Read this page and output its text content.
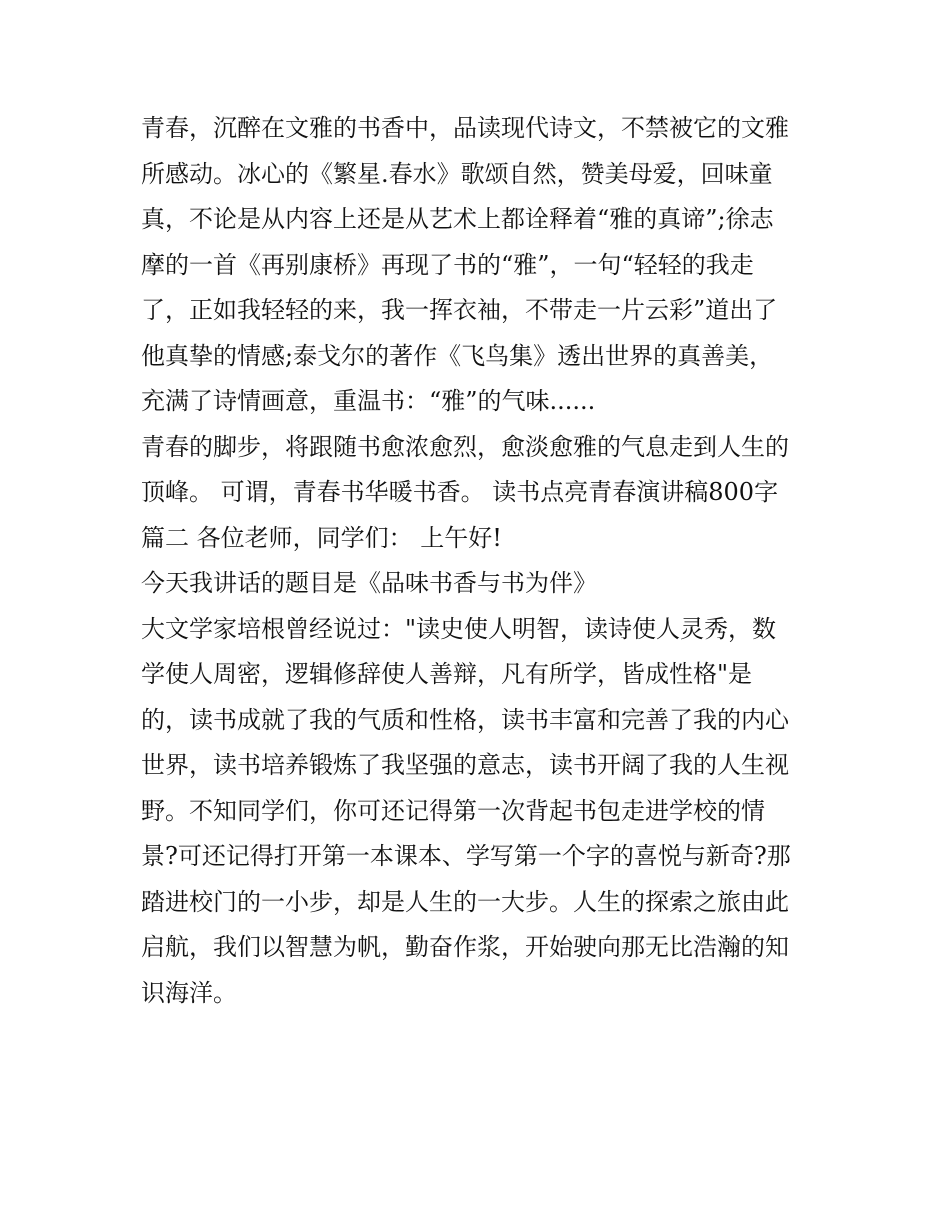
青春，沉醉在文雅的书香中，品读现代诗文，不禁被它的文雅
所感动。冰心的《繁星.春水》歌颂自然，赞美母爱，回味童
真，不论是从内容上还是从艺术上都诠释着“雅的真谛”;徐志
摩的一首《再别康桥》再现了书的“雅”，一句“轻轻的我走
了，正如我轻轻的来，我一挥衣袖，不带走一片云彩”道出了
他真挚的情感;泰戈尔的著作《飞鸟集》透出世界的真善美，
充满了诗情画意，重温书：“雅”的气味......
青春的脚步，将跟随书愈浓愈烈，愈淡愈雅的气息走到人生的
顶峰。 可谓，青春书华暖书香。 读书点亮青春演讲稿800字
篇二 各位老师，同学们： 上午好!
今天我讲话的题目是《品味书香与书为伴》
大文学家培根曾经说过："读史使人明智，读诗使人灵秀，数
学使人周密，逻辑修辞使人善辩，凡有所学，皆成性格"是
的，读书成就了我的气质和性格，读书丰富和完善了我的内心
世界，读书培养锻炼了我坚强的意志，读书开阔了我的人生视
野。不知同学们，你可还记得第一次背起书包走进学校的情
景?可还记得打开第一本课本、学写第一个字的喜悦与新奇?那
踏进校门的一小步，却是人生的一大步。人生的探索之旅由此
启航，我们以智慧为帆，勤奋作浆，开始驶向那无比浩瀚的知
识海洋。
